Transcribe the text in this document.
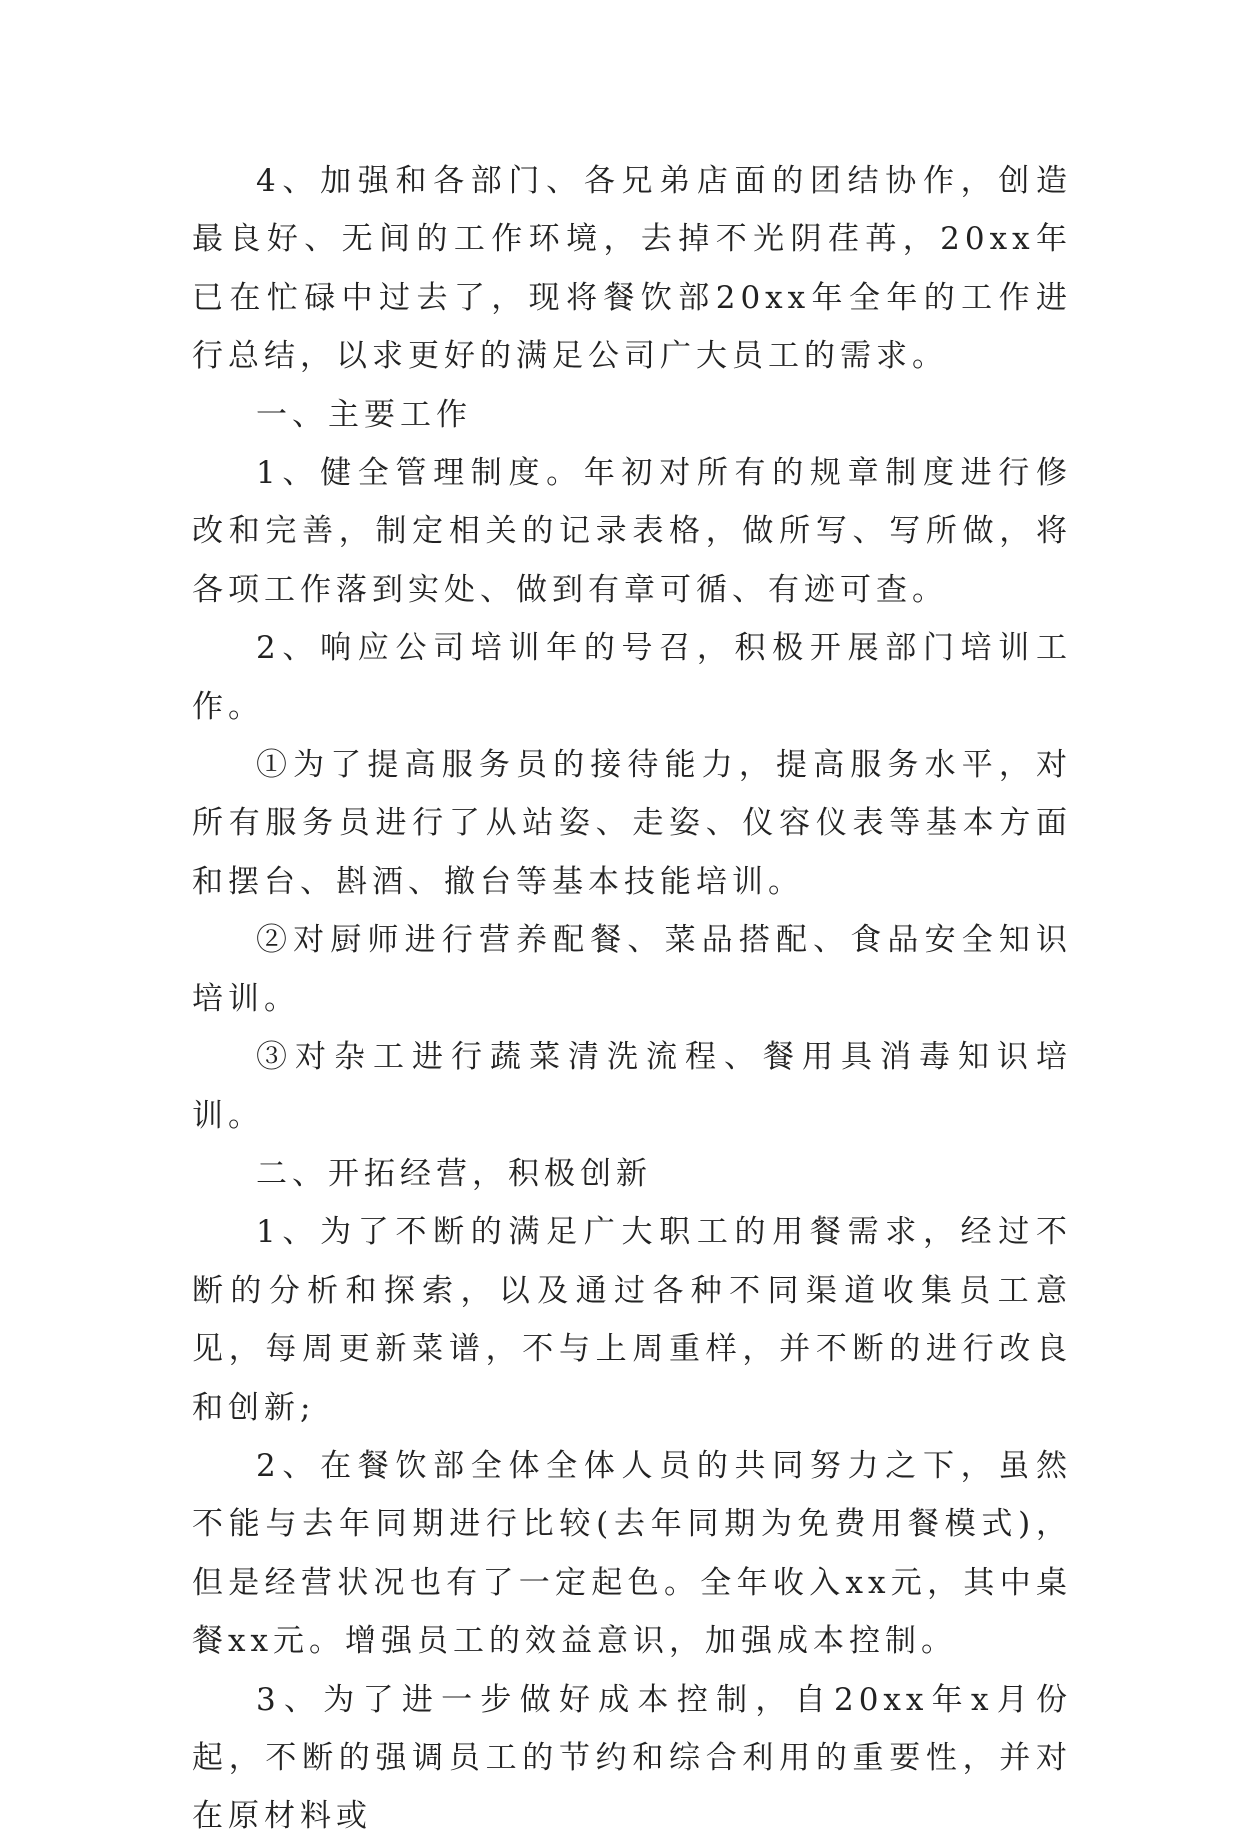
4、加强和各部门、各兄弟店面的团结协作，创造最良好、无间的工作环境，去掉不光阴荏苒，20xx年已在忙碌中过去了，现将餐饮部20xx年全年的工作进行总结，以求更好的满足公司广大员工的需求。

一、主要工作

1、健全管理制度。年初对所有的规章制度进行修改和完善，制定相关的记录表格，做所写、写所做，将各项工作落到实处、做到有章可循、有迹可查。

2、响应公司培训年的号召，积极开展部门培训工作。

①为了提高服务员的接待能力，提高服务水平，对所有服务员进行了从站姿、走姿、仪容仪表等基本方面和摆台、斟酒、撤台等基本技能培训。

②对厨师进行营养配餐、菜品搭配、食品安全知识培训。

③对杂工进行蔬菜清洗流程、餐用具消毒知识培训。

二、开拓经营，积极创新

1、为了不断的满足广大职工的用餐需求，经过不断的分析和探索，以及通过各种不同渠道收集员工意见，每周更新菜谱，不与上周重样，并不断的进行改良和创新;

2、在餐饮部全体全体人员的共同努力之下，虽然不能与去年同期进行比较(去年同期为免费用餐模式)，但是经营状况也有了一定起色。全年收入xx元，其中桌餐xx元。增强员工的效益意识，加强成本控制。

3、为了进一步做好成本控制，自20xx年x月份起，不断的强调员工的节约和综合利用的重要性，并对在原材料或
